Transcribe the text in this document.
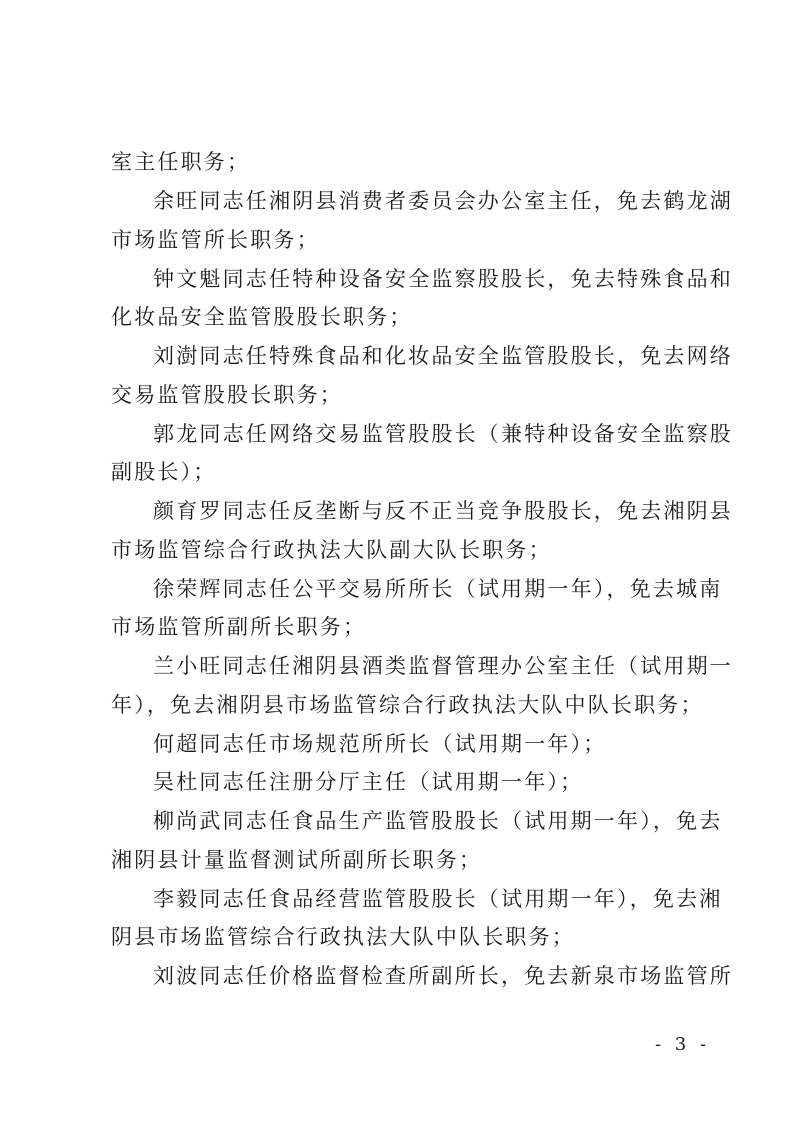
室主任职务；
余旺同志任湘阴县消费者委员会办公室主任，免去鹤龙湖
市场监管所长职务；
钟文魁同志任特种设备安全监察股股长，免去特殊食品和
化妆品安全监管股股长职务；
刘澍同志任特殊食品和化妆品安全监管股股长，免去网络
交易监管股股长职务；
郭龙同志任网络交易监管股股长（兼特种设备安全监察股
副股长）；
颜育罗同志任反垄断与反不正当竞争股股长，免去湘阴县
市场监管综合行政执法大队副大队长职务；
徐荣辉同志任公平交易所所长（试用期一年），免去城南
市场监管所副所长职务；
兰小旺同志任湘阴县酒类监督管理办公室主任（试用期一
年），免去湘阴县市场监管综合行政执法大队中队长职务；
何超同志任市场规范所所长（试用期一年）；
吴杜同志任注册分厅主任（试用期一年）；
柳尚武同志任食品生产监管股股长（试用期一年），免去
湘阴县计量监督测试所副所长职务；
李毅同志任食品经营监管股股长（试用期一年），免去湘
阴县市场监管综合行政执法大队中队长职务；
刘波同志任价格监督检查所副所长，免去新泉市场监管所
- 3 -
